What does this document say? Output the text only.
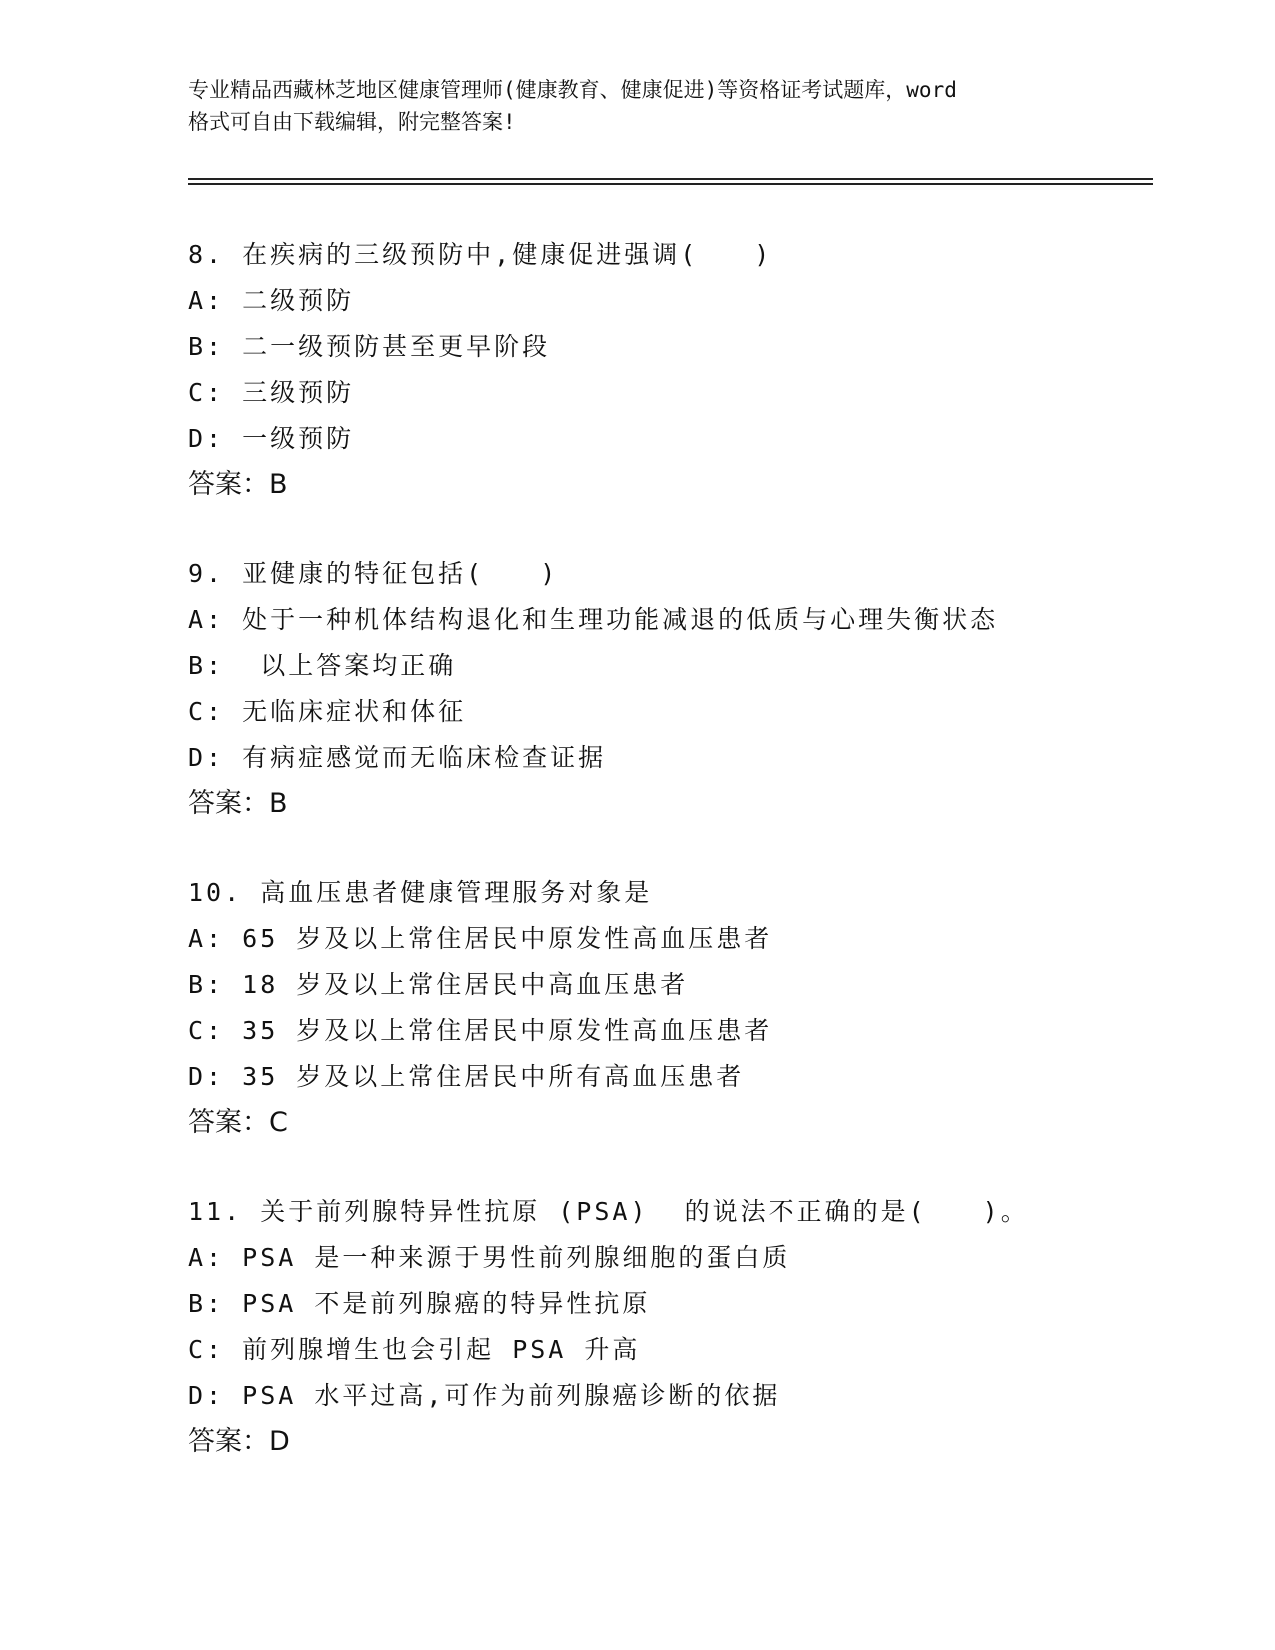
专业精品西藏林芝地区健康管理师(健康教育、健康促进)等资格证考试题库，word
格式可自由下载编辑，附完整答案!
8. 在疾病的三级预防中,健康促进强调(　　)
A: 二级预防
B: 二一级预防甚至更早阶段
C: 三级预防
D: 一级预防
答案：B
9. 亚健康的特征包括(　　)
A: 处于一种机体结构退化和生理功能减退的低质与心理失衡状态
B:  以上答案均正确
C: 无临床症状和体征
D: 有病症感觉而无临床检查证据
答案：B
10. 高血压患者健康管理服务对象是
A: 65 岁及以上常住居民中原发性高血压患者
B: 18 岁及以上常住居民中高血压患者
C: 35 岁及以上常住居民中原发性高血压患者
D: 35 岁及以上常住居民中所有高血压患者
答案：C
11. 关于前列腺特异性抗原 (PSA)  的说法不正确的是(　　)。
A: PSA 是一种来源于男性前列腺细胞的蛋白质
B: PSA 不是前列腺癌的特异性抗原
C: 前列腺增生也会引起 PSA 升高
D: PSA 水平过高,可作为前列腺癌诊断的依据
答案：D
